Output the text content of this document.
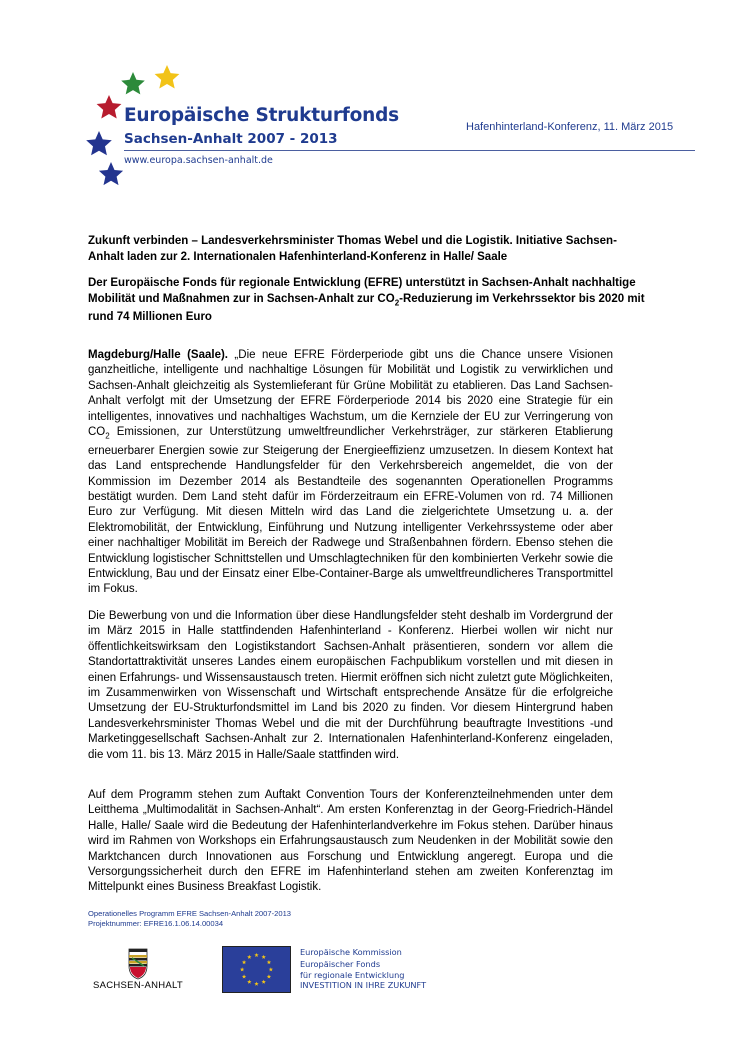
Europäische Strukturfonds
Sachsen-Anhalt 2007 - 2013
www.europa.sachsen-anhalt.de
Hafenhinterland-Konferenz, 11. März 2015
Zukunft verbinden – Landesverkehrsminister Thomas Webel und die Logistik. Initiative Sachsen-Anhalt laden zur 2. Internationalen Hafenhinterland-Konferenz in Halle/ Saale
Der Europäische Fonds für regionale Entwicklung (EFRE) unterstützt in Sachsen-Anhalt nachhaltige Mobilität und Maßnahmen zur in Sachsen-Anhalt zur $CO_2$-Reduzierung im Verkehrssektor bis 2020 mit rund 74 Millionen Euro
Magdeburg/Halle (Saale). „Die neue EFRE Förderperiode gibt uns die Chance unsere Visionen ganzheitliche, intelligente und nachhaltige Lösungen für Mobilität und Logistik zu verwirklichen und Sachsen-Anhalt gleichzeitig als Systemlieferant für Grüne Mobilität zu etablieren. Das Land Sachsen-Anhalt verfolgt mit der Umsetzung der EFRE Förderperiode 2014 bis 2020 eine Strategie für ein intelligentes, innovatives und nachhaltiges Wachstum, um die Kernziele der EU zur Verringerung von $CO_2$ Emissionen, zur Unterstützung umweltfreundlicher Verkehrsträger, zur stärkeren Etablierung erneuerbarer Energien sowie zur Steigerung der Energieeffizienz umzusetzen. In diesem Kontext hat das Land entsprechende Handlungsfelder für den Verkehrsbereich angemeldet, die von der Kommission im Dezember 2014 als Bestandteile des sogenannten Operationellen Programms bestätigt wurden. Dem Land steht dafür im Förderzeitraum ein EFRE-Volumen von rd. 74 Millionen Euro zur Verfügung. Mit diesen Mitteln wird das Land die zielgerichtete Umsetzung u. a. der Elektromobilität, der Entwicklung, Einführung und Nutzung intelligenter Verkehrssysteme oder aber einer nachhaltiger Mobilität im Bereich der Radwege und Straßenbahnen fördern. Ebenso stehen die Entwicklung logistischer Schnittstellen und Umschlagtechniken für den kombinierten Verkehr sowie die Entwicklung, Bau und der Einsatz einer Elbe-Container-Barge als umweltfreundlicheres Transportmittel im Fokus.
Die Bewerbung von und die Information über diese Handlungsfelder steht deshalb im Vordergrund der im März 2015 in Halle stattfindenden Hafenhinterland - Konferenz. Hierbei wollen wir nicht nur öffentlichkeitswirksam den Logistikstandort Sachsen-Anhalt präsentieren, sondern vor allem die Standortattraktivität unseres Landes einem europäischen Fachpublikum vorstellen und mit diesen in einen Erfahrungs- und Wissensaustausch treten. Hiermit eröffnen sich nicht zuletzt gute Möglichkeiten, im Zusammenwirken von Wissenschaft und Wirtschaft entsprechende Ansätze für die erfolgreiche Umsetzung der EU-Strukturfondsmittel im Land bis 2020 zu finden. Vor diesem Hintergrund haben Landesverkehrsminister Thomas Webel und die mit der Durchführung beauftragte Investitions -und Marketinggesellschaft Sachsen-Anhalt zur 2. Internationalen Hafenhinterland-Konferenz eingeladen, die vom 11. bis 13. März 2015 in Halle/Saale stattfinden wird.
Auf dem Programm stehen zum Auftakt Convention Tours der Konferenzteilnehmenden unter dem Leitthema „Multimodalität in Sachsen-Anhalt“. Am ersten Konferenztag in der Georg-Friedrich-Händel Halle, Halle/ Saale wird die Bedeutung der Hafenhinterlandverkehre im Fokus stehen. Darüber hinaus wird im Rahmen von Workshops ein Erfahrungsaustausch zum Neudenken in der Mobilität sowie den Marktchancen durch Innovationen aus Forschung und Entwicklung angeregt. Europa und die Versorgungssicherheit durch den EFRE im Hafenhinterland stehen am zweiten Konferenztag im Mittelpunkt eines Business Breakfast Logistik.
Operationelles Programm EFRE Sachsen-Anhalt 2007-2013
Projektnummer: EFRE16.1.06.14.00034
SACHSEN-ANHALT
Europäische Kommission
Europäischer Fonds
für regionale Entwicklung
INVESTITION IN IHRE ZUKUNFT
